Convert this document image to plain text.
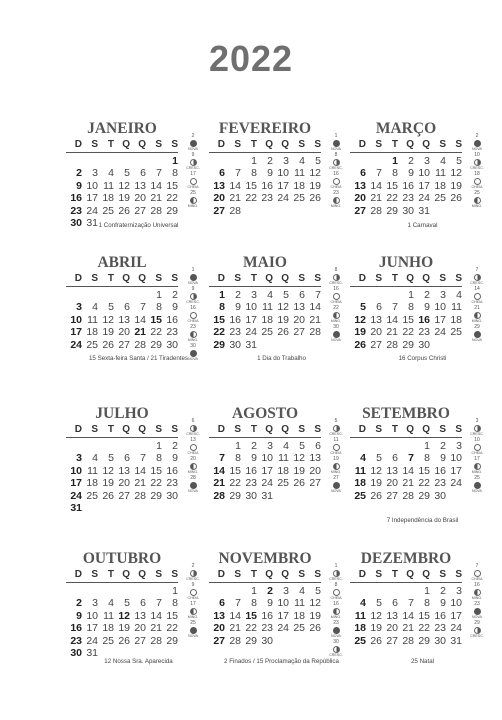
2022
JANEIRO
D	S	T	Q	Q	S	S
						1
2	3	4	5	6	7	8
9	10	11	12	13	14	15
16	17	18	19	20	21	22
23	24	25	26	27	28	29
30	31					
2
NOVA
9
CRESC.
17
CHEIA
25
MING.
1 Confraternização Universal
FEVEREIRO
D	S	T	Q	Q	S	S
		1	2	3	4	5
6	7	8	9	10	11	12
13	14	15	16	17	18	19
20	21	22	23	24	25	26
27	28					
1
NOVA
8
CRESC.
16
CHEIA
23
MING.
MARÇO
D	S	T	Q	Q	S	S
		1	2	3	4	5
6	7	8	9	10	11	12
13	14	15	16	17	18	19
20	21	22	23	24	25	26
27	28	29	30	31		
2
NOVA
10
CRESC.
18
CHEIA
25
MING.
1 Carnaval
ABRIL
D	S	T	Q	Q	S	S
					1	2
3	4	5	6	7	8	9
10	11	12	13	14	15	16
17	18	19	20	21	22	23
24	25	26	27	28	29	30
1
NOVA
9
CRESC.
16
CHEIA
23
MING.
30
NOVA
15 Sexta-feira Santa / 21 Tiradentes
MAIO
D	S	T	Q	Q	S	S
1	2	3	4	5	6	7
8	9	10	11	12	13	14
15	16	17	18	19	20	21
22	23	24	25	26	27	28
29	30	31				
8
CRESC.
16
CHEIA
22
MING.
30
NOVA
1 Dia do Trabalho
JUNHO
D	S	T	Q	Q	S	S
			1	2	3	4
5	6	7	8	9	10	11
12	13	14	15	16	17	18
19	20	21	22	23	24	25
26	27	28	29	30		
7
CRESC.
14
CHEIA
21
MING.
29
NOVA
16 Corpus Christi
JULHO
D	S	T	Q	Q	S	S
					1	2
3	4	5	6	7	8	9
10	11	12	13	14	15	16
17	18	19	20	21	22	23
24	25	26	27	28	29	30
31						
6
CRESC.
13
CHEIA
20
MING.
28
NOVA
AGOSTO
D	S	T	Q	Q	S	S
	1	2	3	4	5	6
7	8	9	10	11	12	13
14	15	16	17	18	19	20
21	22	23	24	25	26	27
28	29	30	31			
5
CRESC.
11
CHEIA
19
MING.
27
NOVA
SETEMBRO
D	S	T	Q	Q	S	S
				1	2	3
4	5	6	7	8	9	10
11	12	13	14	15	16	17
18	19	20	21	22	23	24
25	26	27	28	29	30	
3
CRESC.
10
CHEIA
17
MING.
25
NOVA
7 Independência do Brasil
OUTUBRO
D	S	T	Q	Q	S	S
						1
2	3	4	5	6	7	8
9	10	11	12	13	14	15
16	17	18	19	20	21	22
23	24	25	26	27	28	29
30	31					
2
CRESC.
9
CHEIA
17
MING.
25
NOVA
12 Nossa Sra. Aparecida
NOVEMBRO
D	S	T	Q	Q	S	S
		1	2	3	4	5
6	7	8	9	10	11	12
13	14	15	16	17	18	19
20	21	22	23	24	25	26
27	28	29	30			
1
CRESC.
8
CHEIA
16
MING.
23
NOVA
30
CRESC.
2 Finados / 15 Proclamação da República
DEZEMBRO
D	S	T	Q	Q	S	S
				1	2	3
4	5	6	7	8	9	10
11	12	13	14	15	16	17
18	19	20	21	22	23	24
25	26	27	28	29	30	31
7
CHEIA
16
MING.
23
NOVA
29
CRESC.
25 Natal
